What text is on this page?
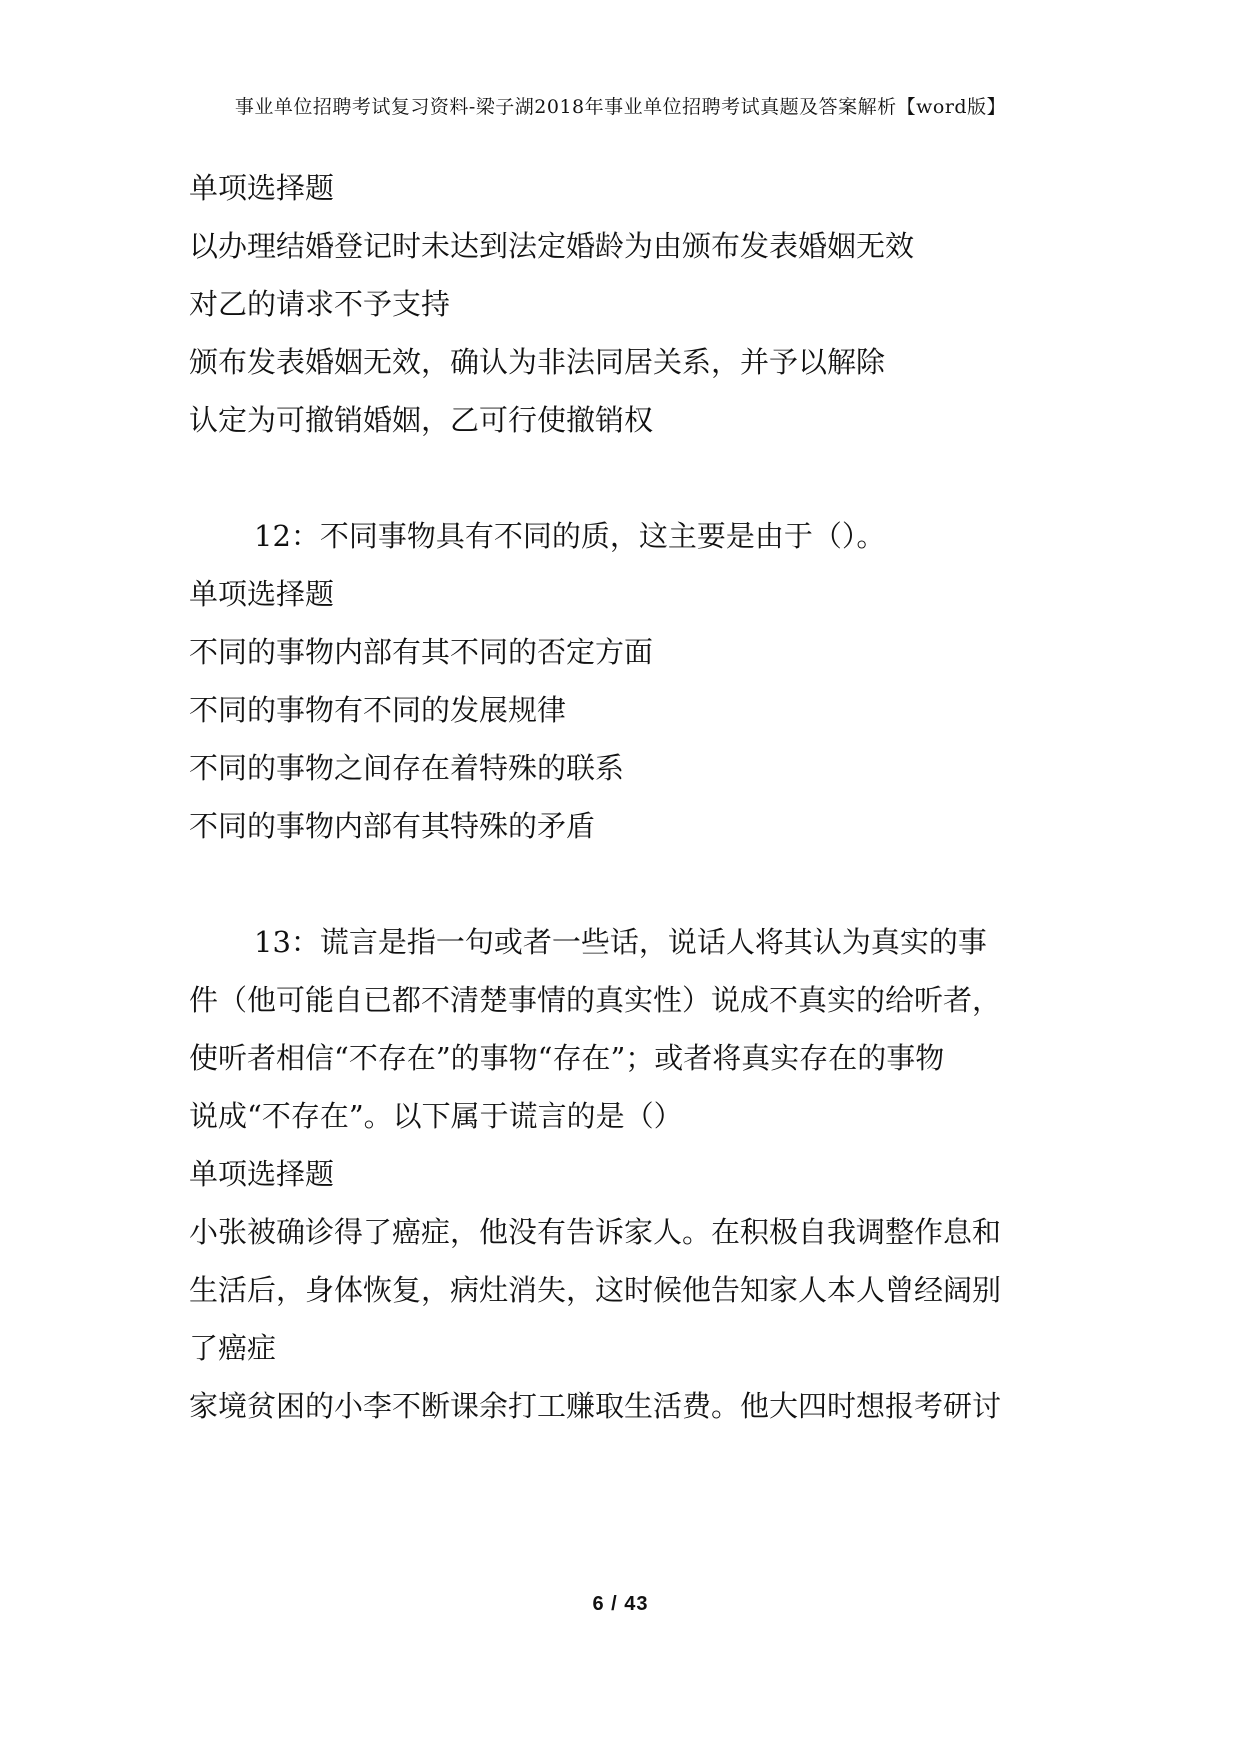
事业单位招聘考试复习资料-梁子湖2018年事业单位招聘考试真题及答案解析【word版】
单项选择题
以办理结婚登记时未达到法定婚龄为由颁布发表婚姻无效
对乙的请求不予支持
颁布发表婚姻无效，确认为非法同居关系，并予以解除
认定为可撤销婚姻，乙可行使撤销权
12：不同事物具有不同的质，这主要是由于（）。
单项选择题
不同的事物内部有其不同的否定方面
不同的事物有不同的发展规律
不同的事物之间存在着特殊的联系
不同的事物内部有其特殊的矛盾
13：谎言是指一句或者一些话，说话人将其认为真实的事
件（他可能自已都不清楚事情的真实性）说成不真实的给听者，
使听者相信“不存在”的事物“存在”；或者将真实存在的事物
说成“不存在”。以下属于谎言的是（）
单项选择题
小张被确诊得了癌症，他没有告诉家人。在积极自我调整作息和
生活后，身体恢复，病灶消失，这时候他告知家人本人曾经阔别
了癌症
家境贫困的小李不断课余打工赚取生活费。他大四时想报考研讨
6 / 43
